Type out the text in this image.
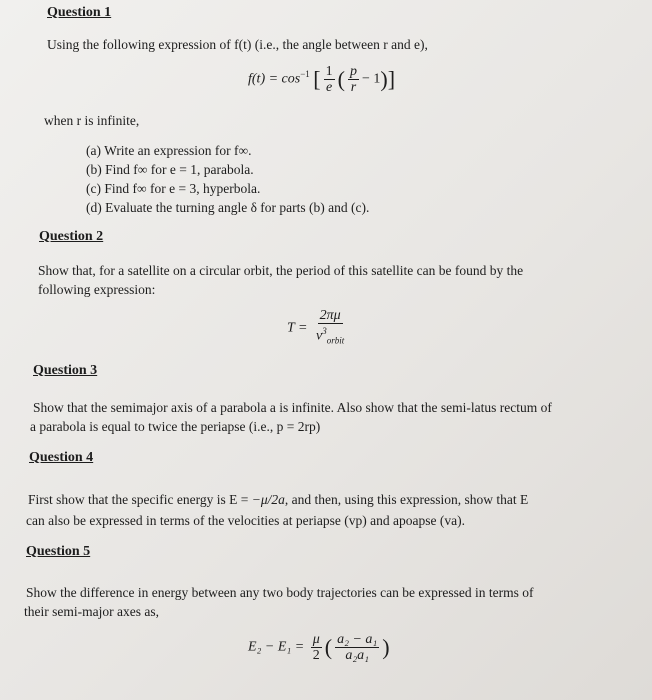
Question 1
Using the following expression of f(t) (i.e., the angle between r and e),
$f(t) = \cos^{-1}$ [ $\frac{1}{e}$ ( $\frac{p}{r} - 1$)]
when r is infinite,
(a) Write an expression for f∞.
(b) Find f∞ for e = 1, parabola.
(c) Find f∞ for e = 3, hyperbola.
(d) Evaluate the turning angle δ for parts (b) and (c).
Question 2
Show that, for a satellite on a circular orbit, the period of this satellite can be found by the
following expression:
$T = \frac{2\pi\mu}{v^3_{orbit}}$
Question 3
Show that the semimajor axis of a parabola a is infinite. Also show that the semi-latus rectum of
a parabola is equal to twice the periapse (i.e., p = 2rp)
Question 4
First show that the specific energy is E = −μ/2a, and then, using this expression, show that E
can also be expressed in terms of the velocities at periapse (vp) and apoapse (va).
Question 5
Show the difference in energy between any two body trajectories can be expressed in terms of
their semi-major axes as,
$E_2 - E_1 = \frac{\mu}{2}$ ( $\frac{\text{a₂ − a₁}}{\text{a₂a₁}}$ )
